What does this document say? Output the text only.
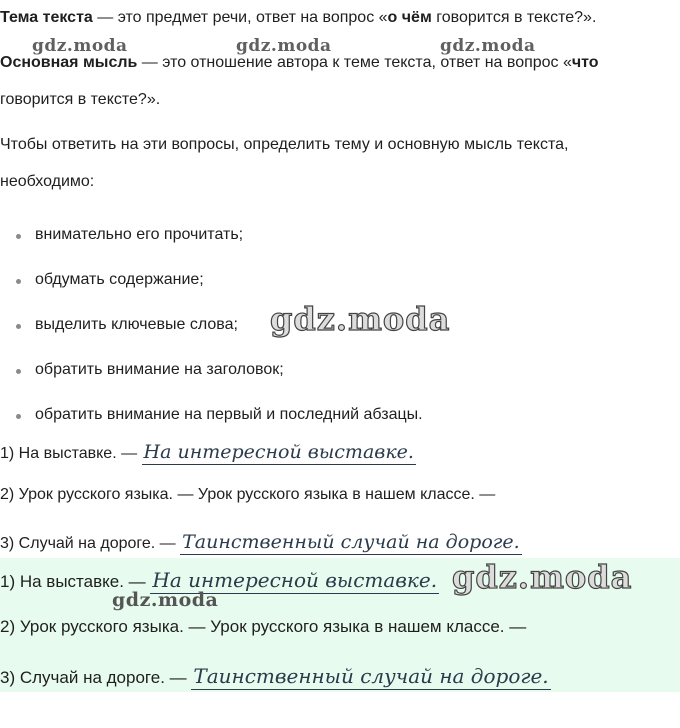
Тема текста — это предмет речи, ответ на вопрос «о чём говорится в тексте?».
Основная мысль — это отношение автора к теме текста, ответ на вопрос «что
говорится в тексте?».
Чтобы ответить на эти вопросы, определить тему и основную мысль текста,
необходимо:
внимательно его прочитать;
обдумать содержание;
выделить ключевые слова;
обратить внимание на заголовок;
обратить внимание на первый и последний абзацы.
1) На выставке. — На интересной выставке.
2) Урок русского языка. — Урок русского языка в нашем классе. —
3) Случай на дороге. — Таинственный случай на дороге.
1) На выставке. — На интересной выставке.
2) Урок русского языка. — Урок русского языка в нашем классе. —
3) Случай на дороге. — Таинственный случай на дороге.
gdz.moda	gdz.moda	gdz.moda
gdz.moda
gdz.moda
gdz.moda
